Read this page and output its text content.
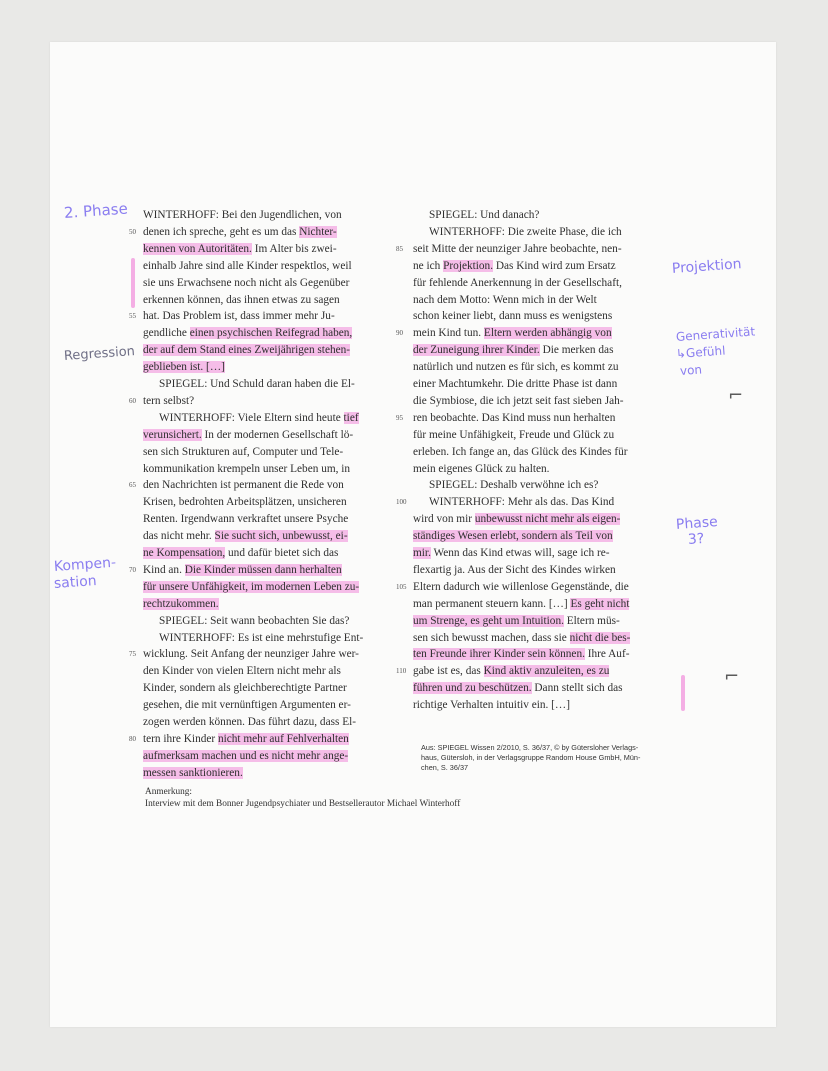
WINTERHOFF: Bei den Jugendlichen, von
denen ich spreche, geht es um das Nichter-
50
kennen von Autoritäten. Im Alter bis zwei-
einhalb Jahre sind alle Kinder respektlos, weil
sie uns Erwachsene noch nicht als Gegenüber
erkennen können, das ihnen etwas zu sagen
hat. Das Problem ist, dass immer mehr Ju-
55
gendliche einen psychischen Reifegrad haben,
der auf dem Stand eines Zweijährigen stehen-
geblieben ist. […]
SPIEGEL: Und Schuld daran haben die El-
tern selbst?
60
WINTERHOFF: Viele Eltern sind heute tief
verunsichert. In der modernen Gesellschaft lö-
sen sich Strukturen auf, Computer und Tele-
kommunikation krempeln unser Leben um, in
den Nachrichten ist permanent die Rede von
65
Krisen, bedrohten Arbeitsplätzen, unsicheren
Renten. Irgendwann verkraftet unsere Psyche
das nicht mehr. Sie sucht sich, unbewusst, ei-
ne Kompensation, und dafür bietet sich das
Kind an. Die Kinder müssen dann herhalten
70
für unsere Unfähigkeit, im modernen Leben zu-
rechtzukommen.
SPIEGEL: Seit wann beobachten Sie das?
WINTERHOFF: Es ist eine mehrstufige Ent-
wicklung. Seit Anfang der neunziger Jahre wer-
75
den Kinder von vielen Eltern nicht mehr als
Kinder, sondern als gleichberechtigte Partner
gesehen, die mit vernünftigen Argumenten er-
zogen werden können. Das führt dazu, dass El-
tern ihre Kinder nicht mehr auf Fehlverhalten
80
aufmerksam machen und es nicht mehr ange-
messen sanktionieren.
SPIEGEL: Und danach?
WINTERHOFF: Die zweite Phase, die ich
seit Mitte der neunziger Jahre beobachte, nen-
85
ne ich Projektion. Das Kind wird zum Ersatz
für fehlende Anerkennung in der Gesellschaft,
nach dem Motto: Wenn mich in der Welt
schon keiner liebt, dann muss es wenigstens
mein Kind tun. Eltern werden abhängig von
90
der Zuneigung ihrer Kinder. Die merken das
natürlich und nutzen es für sich, es kommt zu
einer Machtumkehr. Die dritte Phase ist dann
die Symbiose, die ich jetzt seit fast sieben Jah-
ren beobachte. Das Kind muss nun herhalten
95
für meine Unfähigkeit, Freude und Glück zu
erleben. Ich fange an, das Glück des Kindes für
mein eigenes Glück zu halten.
SPIEGEL: Deshalb verwöhne ich es?
WINTERHOFF: Mehr als das. Das Kind
100
wird von mir unbewusst nicht mehr als eigen-
ständiges Wesen erlebt, sondern als Teil von
mir. Wenn das Kind etwas will, sage ich re-
flexartig ja. Aus der Sicht des Kindes wirken
Eltern dadurch wie willenlose Gegenstände, die
105
man permanent steuern kann. […] Es geht nicht
um Strenge, es geht um Intuition. Eltern müs-
sen sich bewusst machen, dass sie nicht die bes-
ten Freunde ihrer Kinder sein können. Ihre Auf-
gabe ist es, das Kind aktiv anzuleiten, es zu
110
führen und zu beschützen. Dann stellt sich das
richtige Verhalten intuitiv ein. […]
2. Phase
Regression
Kompen-
sation
Projektion
Generativität
↳Gefühl
von
Phase
3?
⌐
⌐
Aus: SPIEGEL Wissen 2/2010, S. 36/37, © by Gütersloher Verlags-
haus, Gütersloh, in der Verlagsgruppe Random House GmbH, Mün-
chen, S. 36/37
Anmerkung:
Interview mit dem Bonner Jugendpsychiater und Bestsellerautor Michael Winterhoff
